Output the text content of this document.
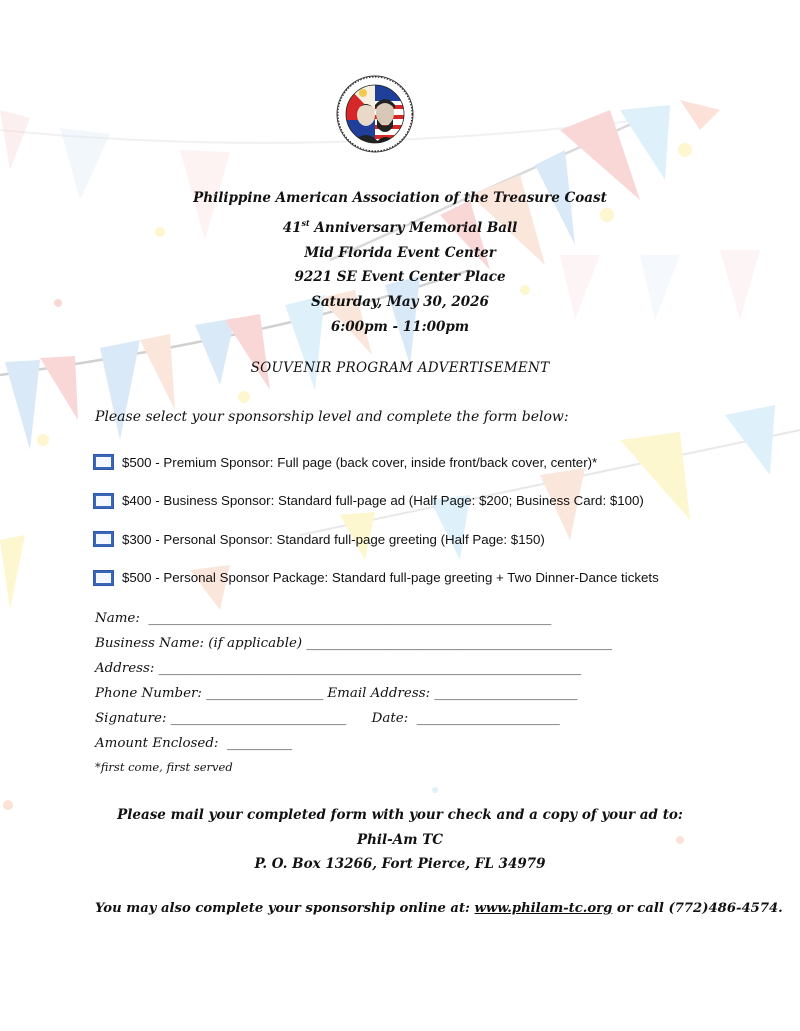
Philippine American Association of the Treasure Coast
41st Anniversary Memorial Ball
Mid Florida Event Center
9221 SE Event Center Place
Saturday, May 30, 2026
6:00pm - 11:00pm
SOUVENIR PROGRAM ADVERTISEMENT
Please select your sponsorship level and complete the form below:
$500 - Premium Sponsor: Full page (back cover, inside front/back cover, center)*
$400 - Business Sponsor: Standard full-page ad (Half Page: $200; Business Card: $100)
$300 - Personal Sponsor: Standard full-page greeting (Half Page: $150)
$500 - Personal Sponsor Package: Standard full-page greeting + Two Dinner-Dance tickets
Name: ______________________________________________________________
Business Name: (if applicable) _______________________________________________
Address: _________________________________________________________________
Phone Number: __________________ Email Address: ______________________
Signature: ___________________________ Date: ______________________
Amount Enclosed: __________
*first come, first served
Please mail your completed form with your check and a copy of your ad to:
Phil-Am TC
P. O. Box 13266, Fort Pierce, FL 34979
You may also complete your sponsorship online at: www.philam-tc.org or call (772)486-4574.
